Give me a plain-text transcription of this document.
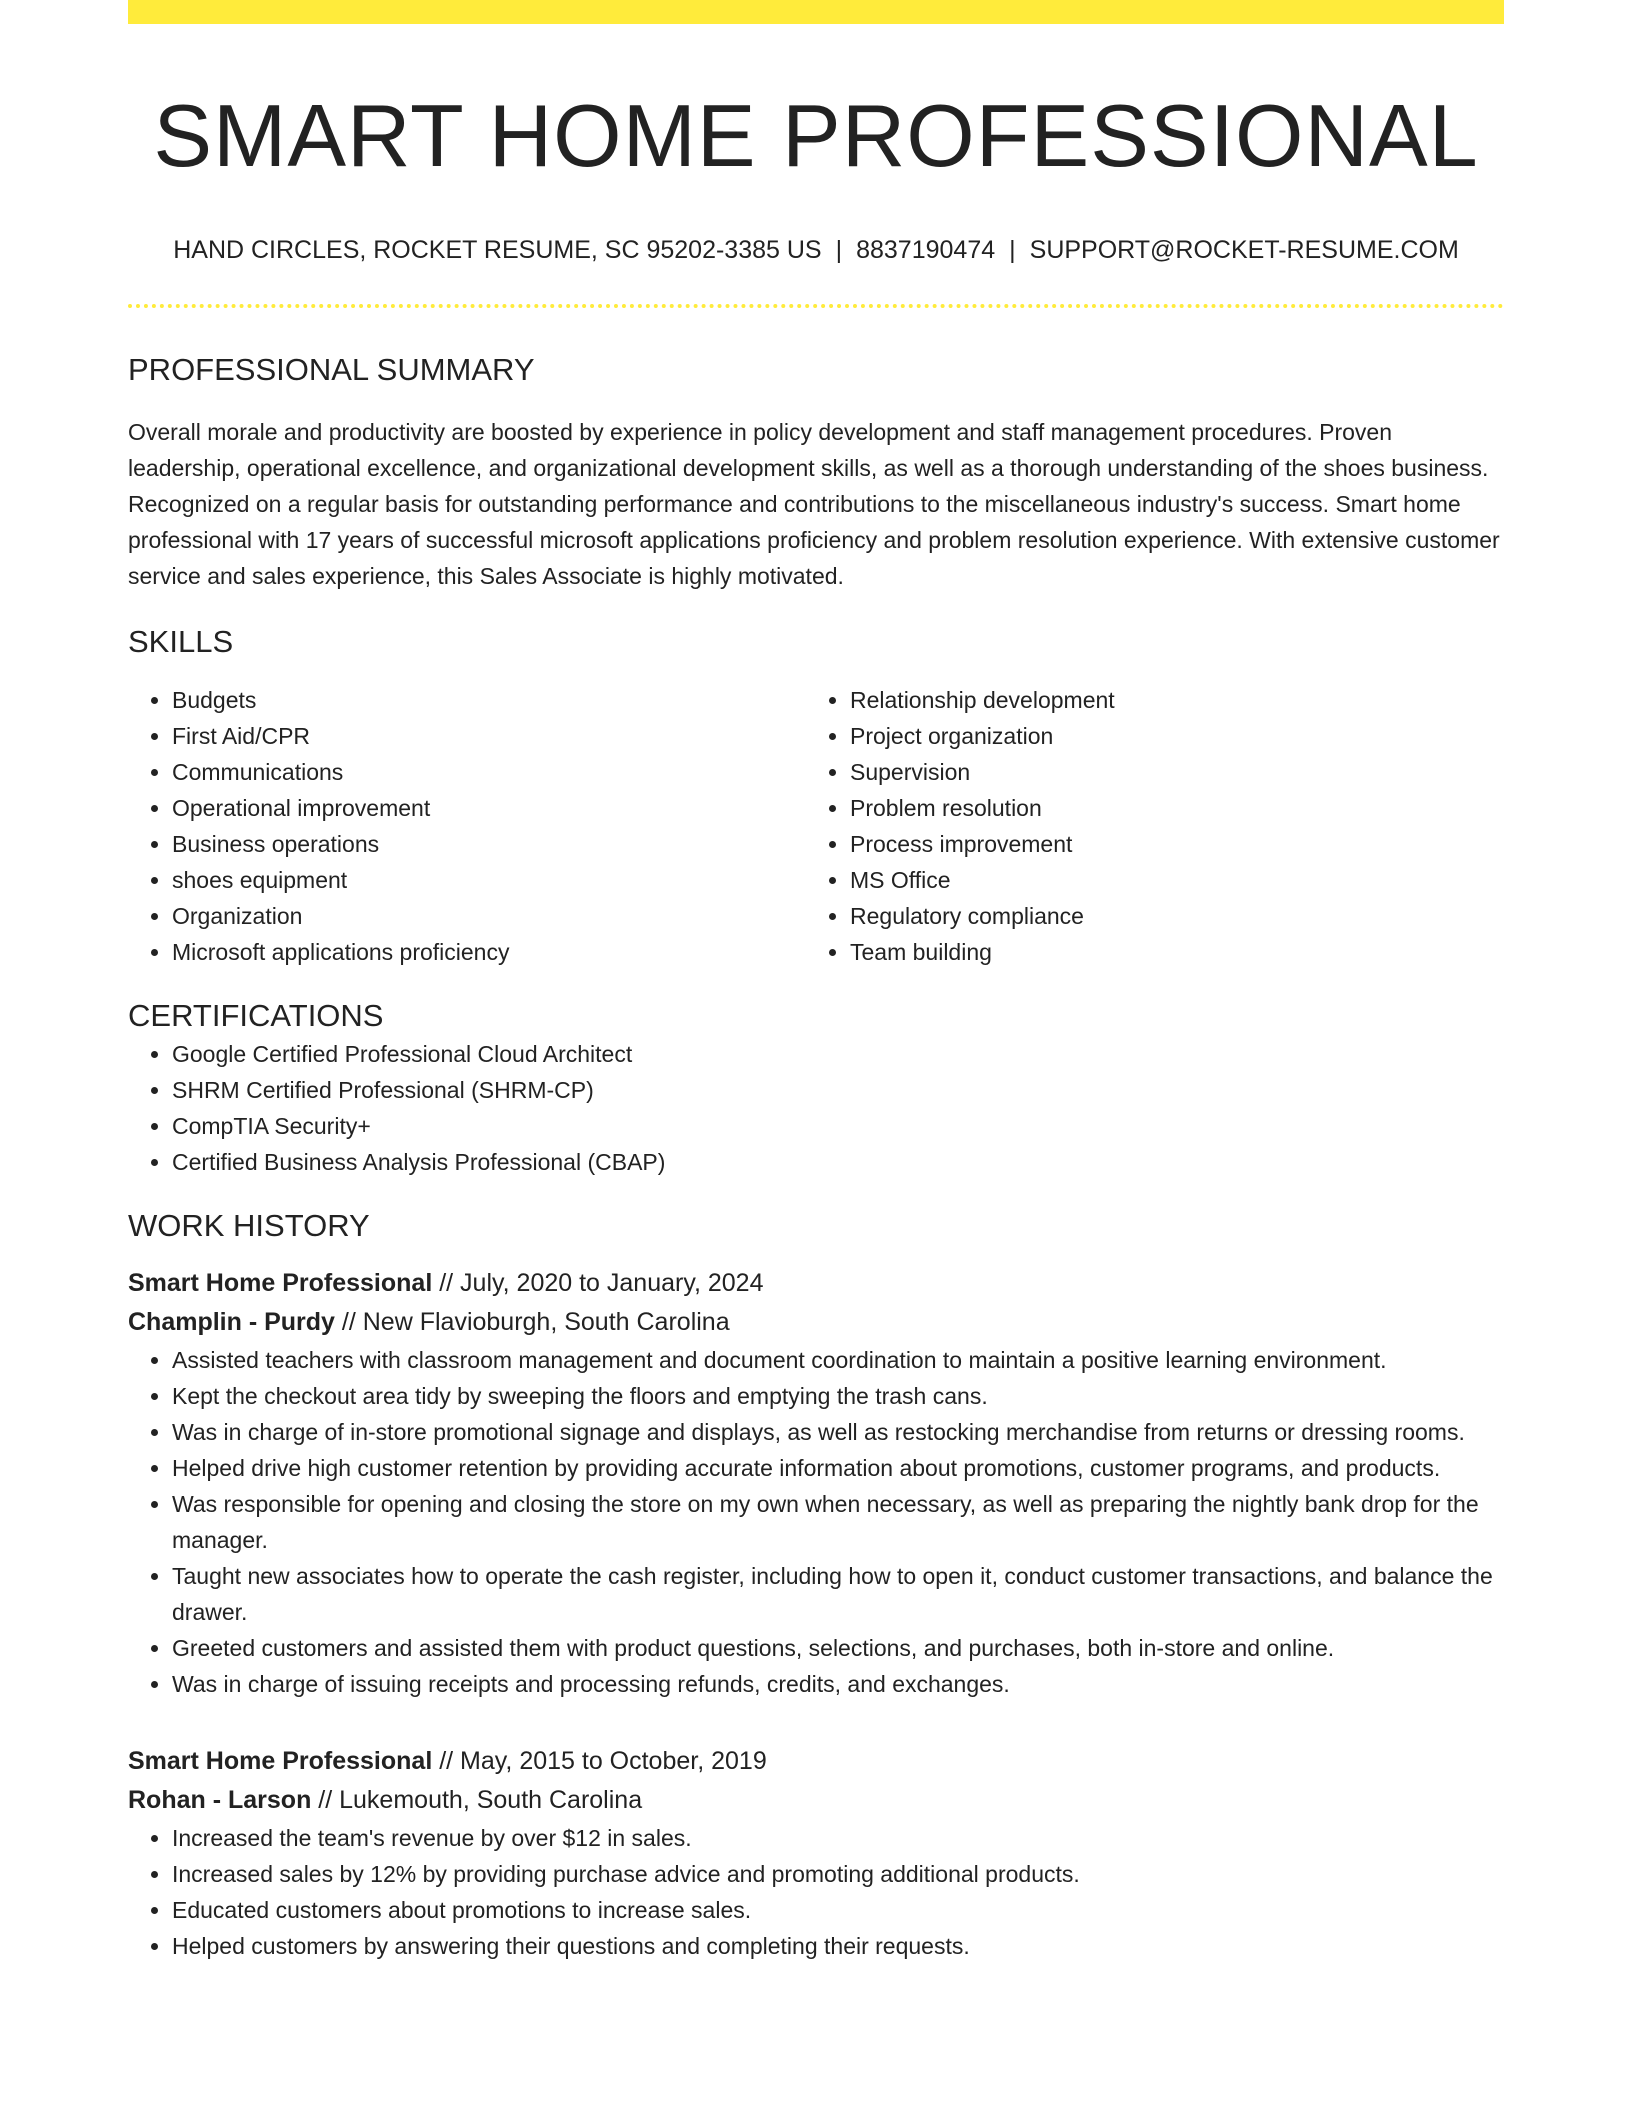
SMART HOME PROFESSIONAL
HAND CIRCLES, ROCKET RESUME, SC 95202-3385 US | 8837190474 | SUPPORT@ROCKET-RESUME.COM
PROFESSIONAL SUMMARY

Overall morale and productivity are boosted by experience in policy development and staff management procedures. Proven leadership, operational excellence, and organizational development skills, as well as a thorough understanding of the shoes business. Recognized on a regular basis for outstanding performance and contributions to the miscellaneous industry's success. Smart home professional with 17 years of successful microsoft applications proficiency and problem resolution experience. With extensive customer service and sales experience, this Sales Associate is highly motivated.

SKILLS
• Budgets
• First Aid/CPR
• Communications
• Operational improvement
• Business operations
• shoes equipment
• Organization
• Microsoft applications proficiency
• Relationship development
• Project organization
• Supervision
• Problem resolution
• Process improvement
• MS Office
• Regulatory compliance
• Team building
CERTIFICATIONS
• Google Certified Professional Cloud Architect
• SHRM Certified Professional (SHRM-CP)
• CompTIA Security+
• Certified Business Analysis Professional (CBAP)
WORK HISTORY
Smart Home Professional // July, 2020 to January, 2024
Champlin - Purdy // New Flavioburgh, South Carolina
• Assisted teachers with classroom management and document coordination to maintain a positive learning environment.
• Kept the checkout area tidy by sweeping the floors and emptying the trash cans.
• Was in charge of in-store promotional signage and displays, as well as restocking merchandise from returns or dressing rooms.
• Helped drive high customer retention by providing accurate information about promotions, customer programs, and products.
• Was responsible for opening and closing the store on my own when necessary, as well as preparing the nightly bank drop for the manager.
• Taught new associates how to operate the cash register, including how to open it, conduct customer transactions, and balance the drawer.
• Greeted customers and assisted them with product questions, selections, and purchases, both in-store and online.
• Was in charge of issuing receipts and processing refunds, credits, and exchanges.
Smart Home Professional // May, 2015 to October, 2019
Rohan - Larson // Lukemouth, South Carolina
• Increased the team's revenue by over $12 in sales.
• Increased sales by 12% by providing purchase advice and promoting additional products.
• Educated customers about promotions to increase sales.
• Helped customers by answering their questions and completing their requests.
